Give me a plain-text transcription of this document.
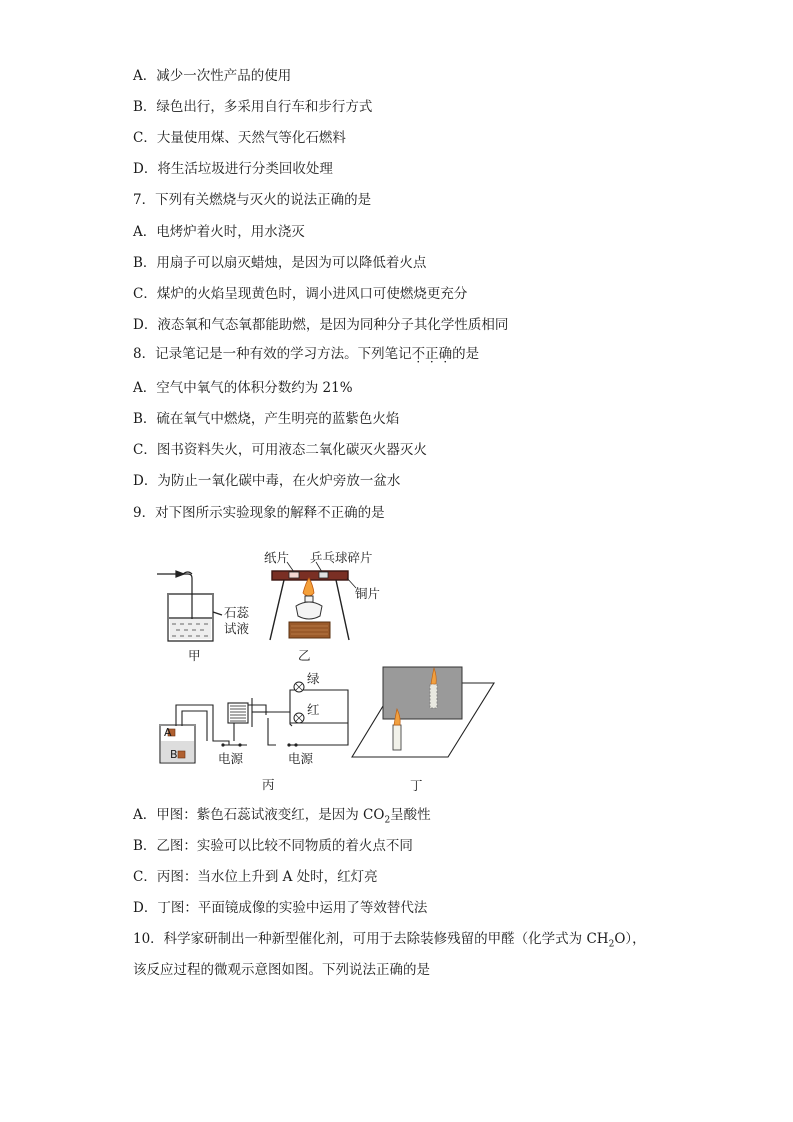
A．减少一次性产品的使用
B．绿色出行，多采用自行车和步行方式
C．大量使用煤、天然气等化石燃料
D．将生活垃圾进行分类回收处理
7．下列有关燃烧与灭火的说法正确的是
A．电烤炉着火时，用水浇灭
B．用扇子可以扇灭蜡烛，是因为可以降低着火点
C．煤炉的火焰呈现黄色时，调小进风口可使燃烧更充分
D．液态氧和气态氧都能助燃，是因为同种分子其化学性质相同
8．记录笔记是一种有效的学习方法。下列笔记不正确的是
A．空气中氧气的体积分数约为 21%
B．硫在氧气中燃烧，产生明亮的蓝紫色火焰
C．图书资料失火，可用液态二氧化碳灭火器灭火
D．为防止一氧化碳中毒，在火炉旁放一盆水
9．对下图所示实验现象的解释不正确的是
石蕊
试液
甲
纸片 乒乓球碎片
铜片
乙
绿
红
A
B	电源	电源
丙	丁
A．甲图：紫色石蕊试液变红，是因为 $CO_2$呈酸性
B．乙图：实验可以比较不同物质的着火点不同
C．丙图：当水位上升到 A 处时，红灯亮
D．丁图：平面镜成像的实验中运用了等效替代法
10．科学家研制出一种新型催化剂，可用于去除装修残留的甲醛（化学式为 $CH_2O$），
该反应过程的微观示意图如图。下列说法正确的是
